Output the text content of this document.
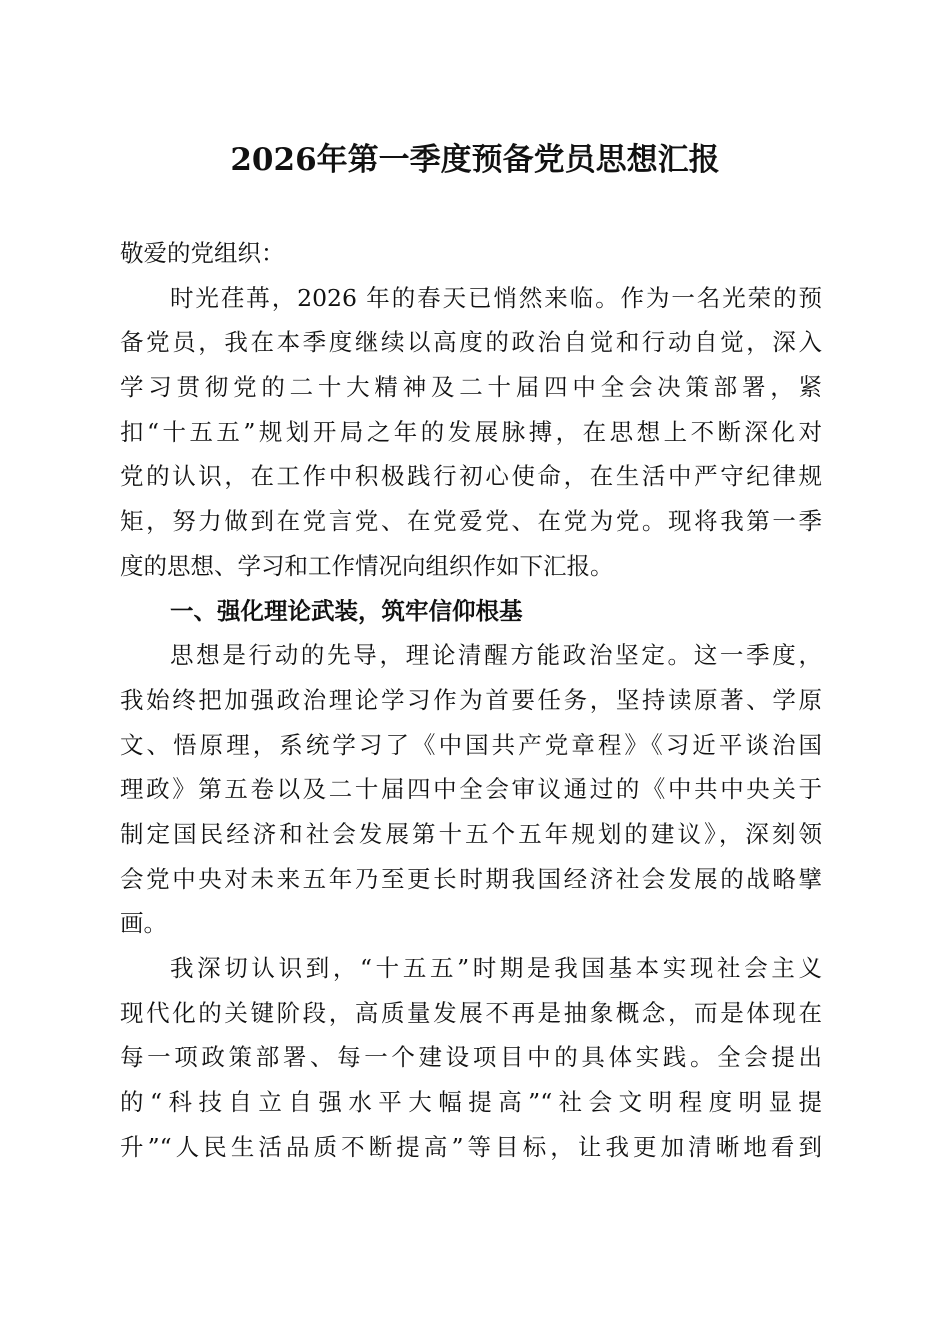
2026年第一季度预备党员思想汇报
敬爱的党组织：
时光荏苒，2026 年的春天已悄然来临。作为一名光荣的预
备党员，我在本季度继续以高度的政治自觉和行动自觉，深入
学习贯彻党的二十大精神及二十届四中全会决策部署，紧
扣“十五五”规划开局之年的发展脉搏，在思想上不断深化对
党的认识，在工作中积极践行初心使命，在生活中严守纪律规
矩，努力做到在党言党、在党爱党、在党为党。现将我第一季
度的思想、学习和工作情况向组织作如下汇报。
一、强化理论武装，筑牢信仰根基
思想是行动的先导，理论清醒方能政治坚定。这一季度，
我始终把加强政治理论学习作为首要任务，坚持读原著、学原
文、悟原理，系统学习了《中国共产党章程》《习近平谈治国
理政》第五卷以及二十届四中全会审议通过的《中共中央关于
制定国民经济和社会发展第十五个五年规划的建议》，深刻领
会党中央对未来五年乃至更长时期我国经济社会发展的战略擘
画。
我深切认识到，“十五五”时期是我国基本实现社会主义
现代化的关键阶段，高质量发展不再是抽象概念，而是体现在
每一项政策部署、每一个建设项目中的具体实践。全会提出
的“科技自立自强水平大幅提高”“社会文明程度明显提
升”“人民生活品质不断提高”等目标，让我更加清晰地看到
